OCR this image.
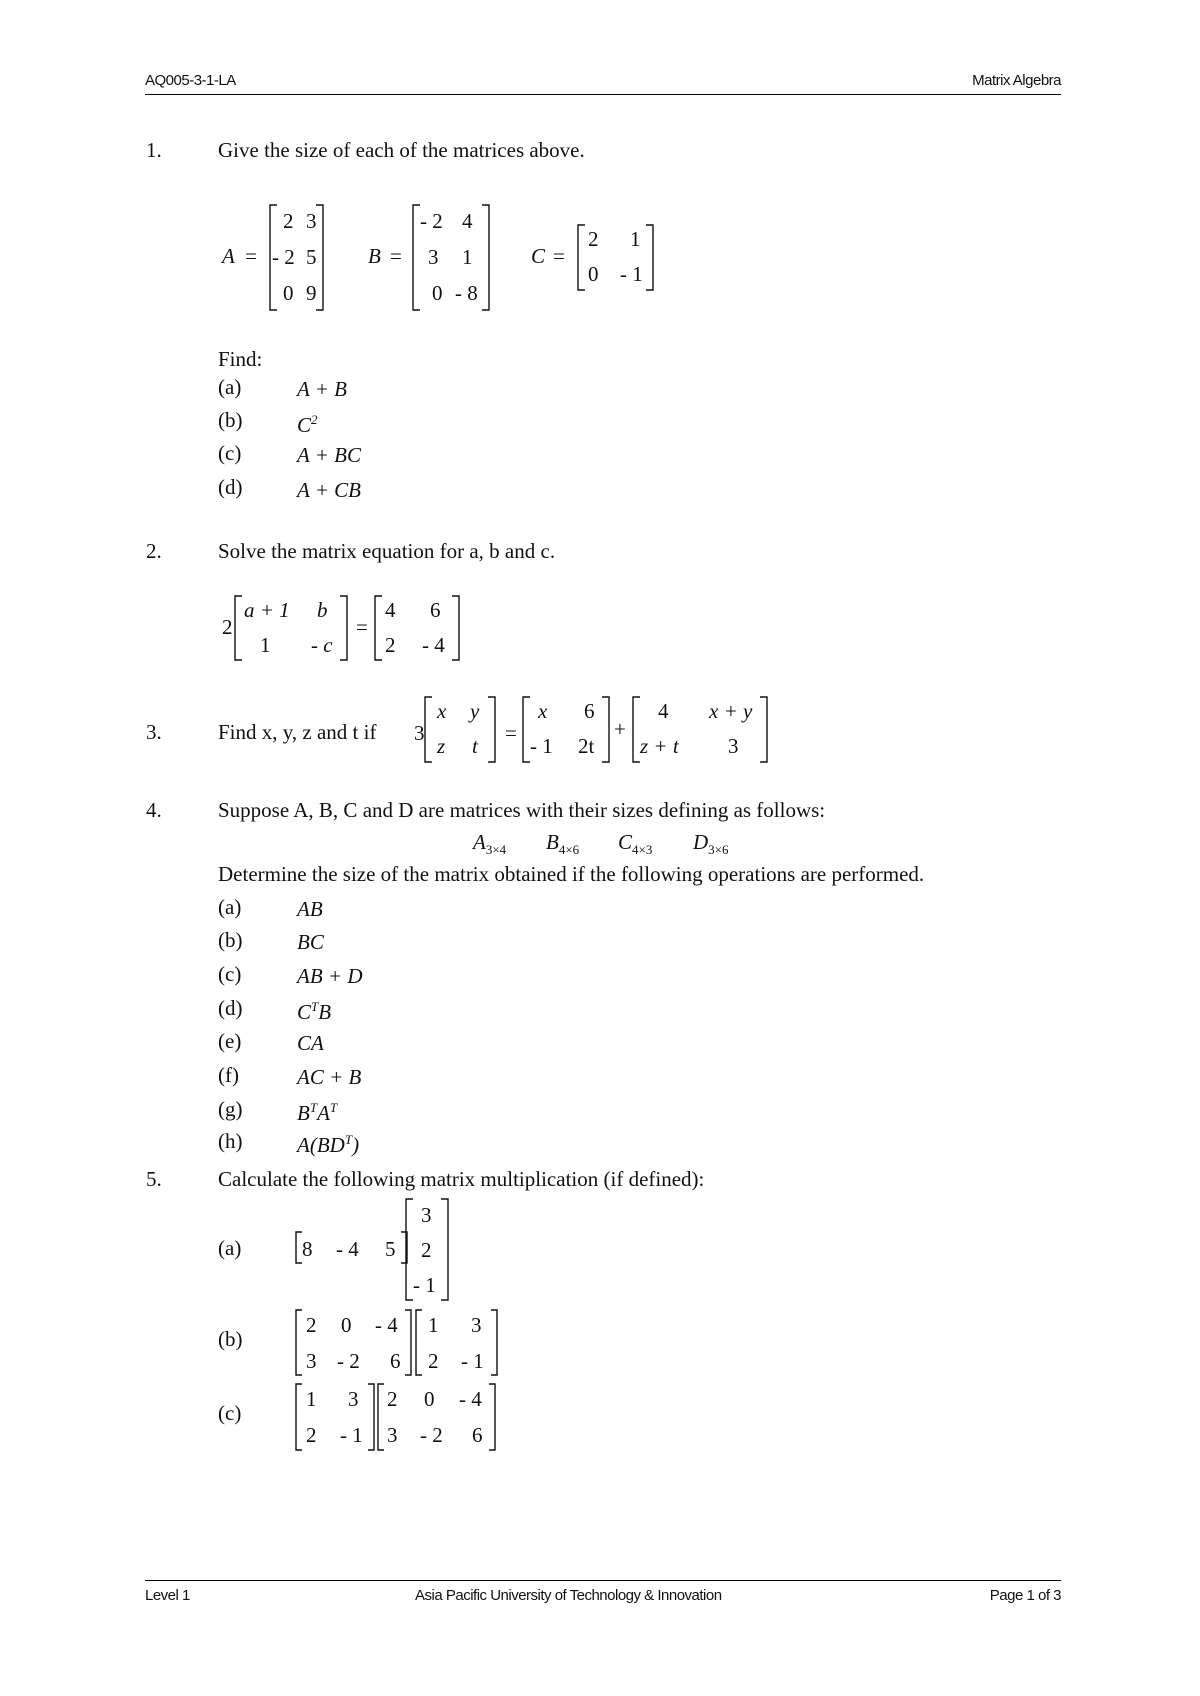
AQ005-3-1-LA	Matrix Algebra
1.	Give the size of each of the matrices above.
A =
2 3
- 2 5
0 9
B =
- 2 4
3 1
0 - 8
C =
2 1
0 - 1
Find:
(a)	A + B
(b)	$C^2$
(c)	A + BC
(d)	A + CB
2.	Solve the matrix equation for a, b and c.
2
a + 1 b
1 - c
=
4 6
2 - 4
3.	Find x, y, z and t if 3
x y
z t
=
x 6
- 1 2t
+
4 x + y
z + t 3
4.	Suppose A, B, C and D are matrices with their sizes defining as follows:
$A_{3\times 4}$ $B_{4\times 6}$ $C_{4\times 3}$ $D_{3\times 6}$
Determine the size of the matrix obtained if the following operations are performed.
(a)	AB
(b)	BC
(c)	AB + D
(d)	$C^TB$
(e)	CA
(f)	AC + B
(g)	$B^TA^T$
(h)	$A(BD^T)$
5.	Calculate the following matrix multiplication (if defined):
(a)
(b)
(c)
8 - 4 5
3
2
- 1
2 0 - 4
3 - 2 6
1 3
2 - 1
1 3
2 - 1
2 0 - 4
3 - 2 6
Level 1	Asia Pacific University of Technology & Innovation	Page 1 of 3
